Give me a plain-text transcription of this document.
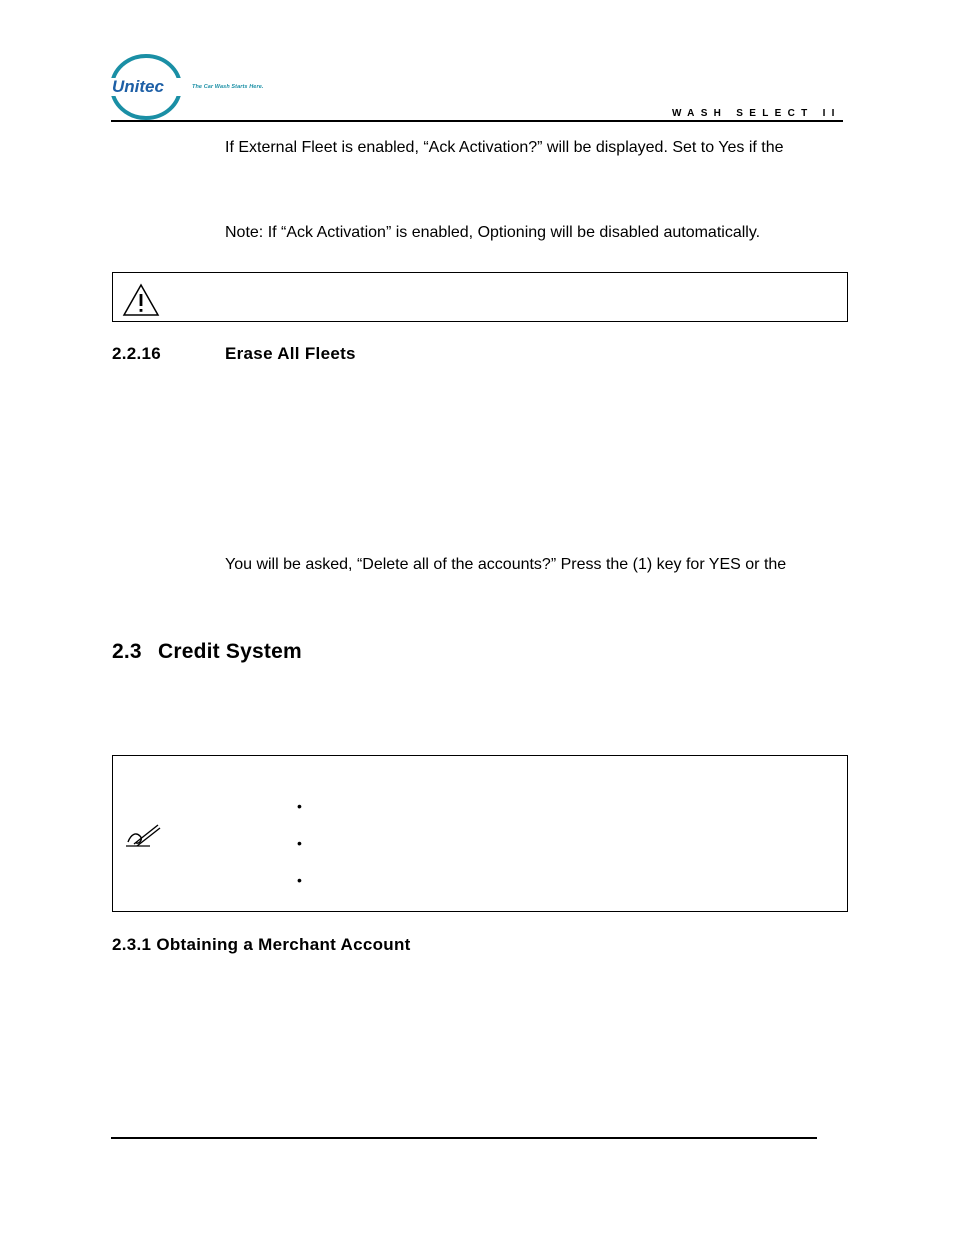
Unitec	The Car Wash Starts Here.
WASH SELECT II
If External Fleet is enabled, “Ack Activation?” will be displayed. Set to Yes if the
Note: If “Ack Activation” is enabled, Optioning will be disabled automatically.
2.2.16	Erase All Fleets
You will be asked, “Delete all of the accounts?” Press the (1) key for YES or the
2.3 Credit System
•
•
•
2.3.1 Obtaining a Merchant Account
